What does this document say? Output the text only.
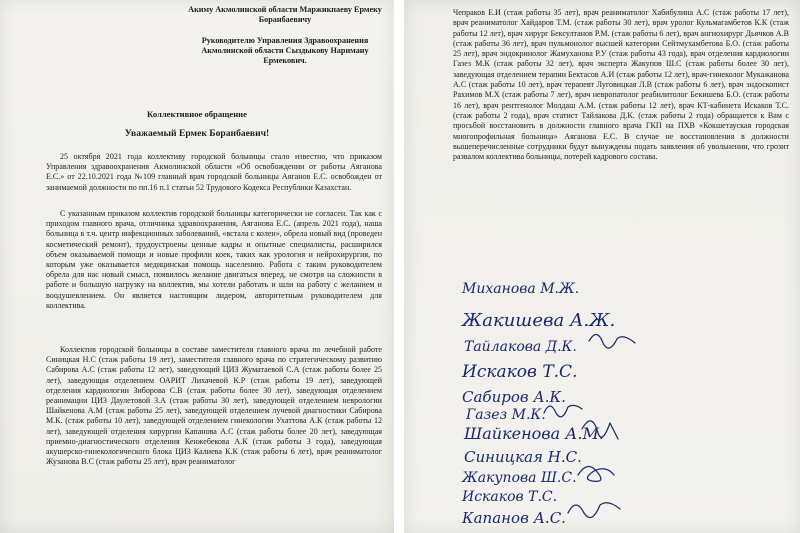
Акиму Акмолинской области Маржикпаеву Ермеку Боранбаевичу
Руководителю Управления Здравоохранения Акмолинской области Сыздыкову Нариману Ермекович.
Коллективное обращение
Уважаемый Ермек Боранбаевич!

25 октября 2021 года коллективу городской больницы стало известно, что приказом Управления здравоохранения Акмолинской области «Об освобождении от работы Аяганова Е.С.» от 22.10.2021 года №109 главный врач городской больницы Аяганов Е.С. освобожден от занимаемой должности по пп.16 п.1 статьи 52 Трудового Кодекса Республики Казахстан.

С указанным приказом коллектив городской больницы категорически не согласен. Так как с приходом главного врача, отличника здравоохранения, Аяганова Е.С. (апрель 2021 года), наша больница в т.ч. центр инфекционных заболеваний, «встала с колен», обрела новый вид (проведен косметический ремонт), трудоустроены ценные кадры и опытные специалисты, расширился объем оказываемой помощи и новые профили коек, таких как урология и нейрохирургия, по которым уже оказывается медицинская помощь населению. Работа с таким руководителем обрела для нас новый смысл, появилось желание двигаться вперед, не смотря на сложности в работе и большую нагрузку на коллектив, мы хотели работать и шли на работу с желанием и воодушевлением. Он является настоящим лидером, авторитетным руководителем для коллектива.

Коллектив городской больницы в составе заместителя главного врача по лечебной работе Синицкая Н.С (стаж работы 19 лет), заместителя главного врача по стратегическому развитию Сабирова А.С (стаж работы 12 лет), заведующий ЦИЗ Жуматаевой С.А (стаж работы более 25 лет), заведующая отделением ОАРИТ Лихачевой К.Р (стаж работы 19 лет), заведующей отделения кардиологии Зиборова С.В (стаж работы более 30 лет), заведующая отделением реанимации ЦИЗ Даулетовой З.А (стаж работы 30 лет), заведующей отделением неврологии Шайкенова А.М (стаж работы 25 лет), заведующей отделением лучевой диагностики Сабирова М.К. (стаж работы 10 лет), заведующей отделением гинекологии Ухаттова А.К (стаж работы 12 лет), заведующей отделения хирургии Капанова А.С (стаж работы более 20 лет), заведующая приемно-диагностического отделения Кенжебекова А.К (стаж работы 3 года), заведующая акушерско-гинекологического блока ЦИЗ Калиева К.К (стаж работы 6 лет), врач реаниматолог Жузанова В.С (стаж работы 25 лет), врач реаниматолог

Чепраков Е.И (стаж работы 35 лет), врач реаниматолог Хабибулина А.С (стаж работы 17 лет), врач реаниматолог Хайдаров Т.М. (стаж работы 30 лет), врач уролог Кульмагамбетов К.К (стаж работы 12 лет), врач хирург Бексултанов Р.М. (стаж работы 6 лет), врач ангиохирург Дьячков А.В (стаж работы 36 лет), врач пульмонолог высшей категории Сейтмухамбетова Б.О. (стаж работы 25 лет), врач эндокринолог Жамуханова Р.У (стаж работы 43 года), врач отделения кардиологии Газез М.К (стаж работы 32 лет), врач эксперта Жакупов Ш.С (стаж работы более 30 лет), заведующая отделением терапии Бектасов А.И (стаж работы 12 лет), врач-гинеколог Мукажанова А.С (стаж работы 10 лет), врач терапевт Луговицкая Л.В (стаж работы 6 лет), врач эндоскопист Рахимов М.Х (стаж работы 7 лет), врач невропатолог реабилитолог Бекишева Б.О. (стаж работы 16 лет), врач рентгенолог Молдаш А.М. (стаж работы 12 лет), врач КТ-кабинета Искаков Т.С. (стаж работы 2 года), врач статист Тайлакова Д.К. (стаж работы 2 года) обращается к Вам с просьбой восстановить в должности главного врача ГКП на ПХВ «Кокшетауская городская многопрофильная больница» Аяганова Е.С. В случае не восстановления в должности вышеперечисленные сотрудники будут вынуждены подать заявления об увольнении, что грозит развалом коллектива больницы, потерей кадрового состава.

Миханова М.Ж.
Жакишева А.Ж.
Тайлакова Д.К.
Искаков Т.С.
Сабиров А.К.
Газез М.К.
Шайкенова А.М.
Синицкая Н.С.
Жакупова Ш.С.
Искаков Т.С.
Капанов А.С.
